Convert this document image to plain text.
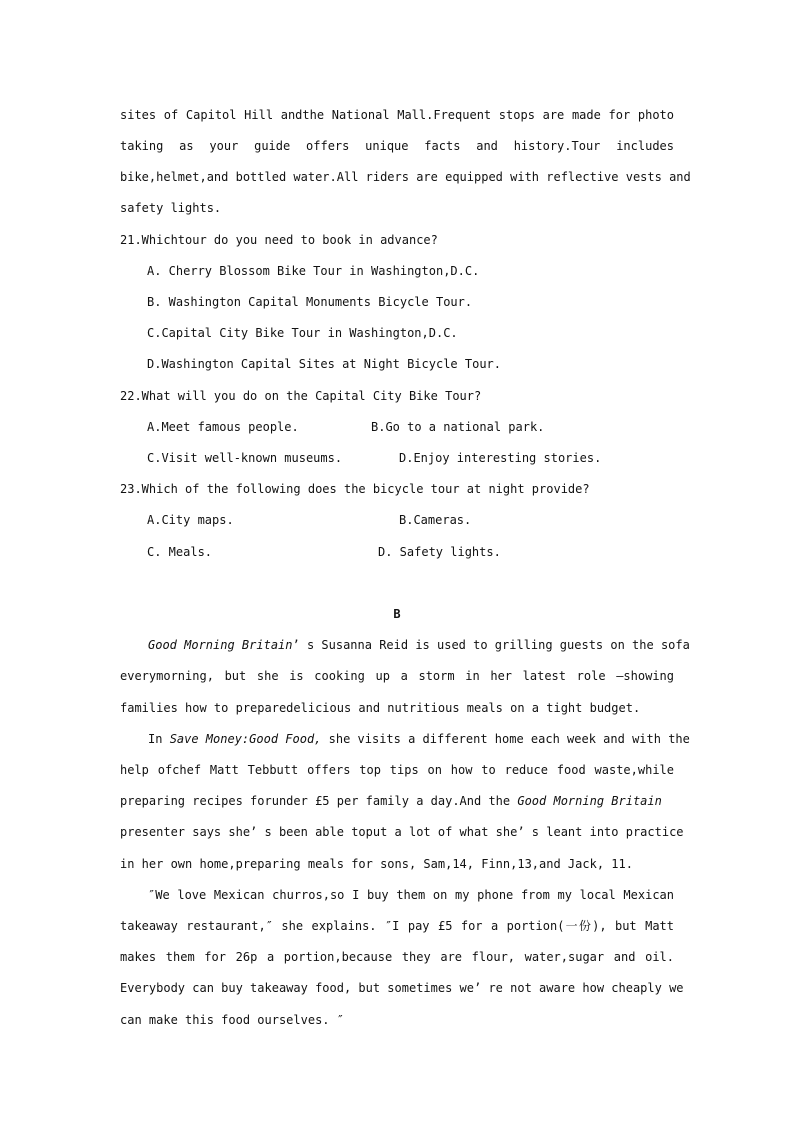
sites of Capitol Hill andthe National Mall.Frequent stops are made for photo
taking as your guide offers unique facts and history.Tour includes
bike,helmet,and bottled water.All riders are equipped with reflective vests and
safety lights.
21.Whichtour do you need to book in advance?
A. Cherry Blossom Bike Tour in Washington,D.C.
B. Washington Capital Monuments Bicycle Tour.
C.Capital City Bike Tour in Washington,D.C.
D.Washington Capital Sites at Night Bicycle Tour.
22.What will you do on the Capital City Bike Tour?
A.Meet famous people.	B.Go to a national park.
C.Visit well-known museums.	D.Enjoy interesting stories.
23.Which of the following does the bicycle tour at night provide?
A.City maps.	B.Cameras.
C. Meals.	D. Safety lights.
B
Good Morning Britain’ s Susanna Reid is used to grilling guests on the sofa
everymorning, but she is cooking up a storm in her latest role —showing
families how to preparedelicious and nutritious meals on a tight budget.
In Save Money:Good Food, she visits a different home each week and with the
help ofchef Matt Tebbutt offers top tips on how to reduce food waste,while
preparing recipes forunder £5 per family a day.And the Good Morning Britain
presenter says she’ s been able toput a lot of what she’ s leant into practice
in her own home,preparing meals for sons, Sam,14, Finn,13,and Jack, 11.
″We love Mexican churros,so I buy them on my phone from my local Mexican
takeaway restaurant,″ she explains. ″I pay £5 for a portion(一份), but Matt
makes them for 26p a portion,because they are flour, water,sugar and oil.
Everybody can buy takeaway food, but sometimes we’ re not aware how cheaply we
can make this food ourselves. ″
